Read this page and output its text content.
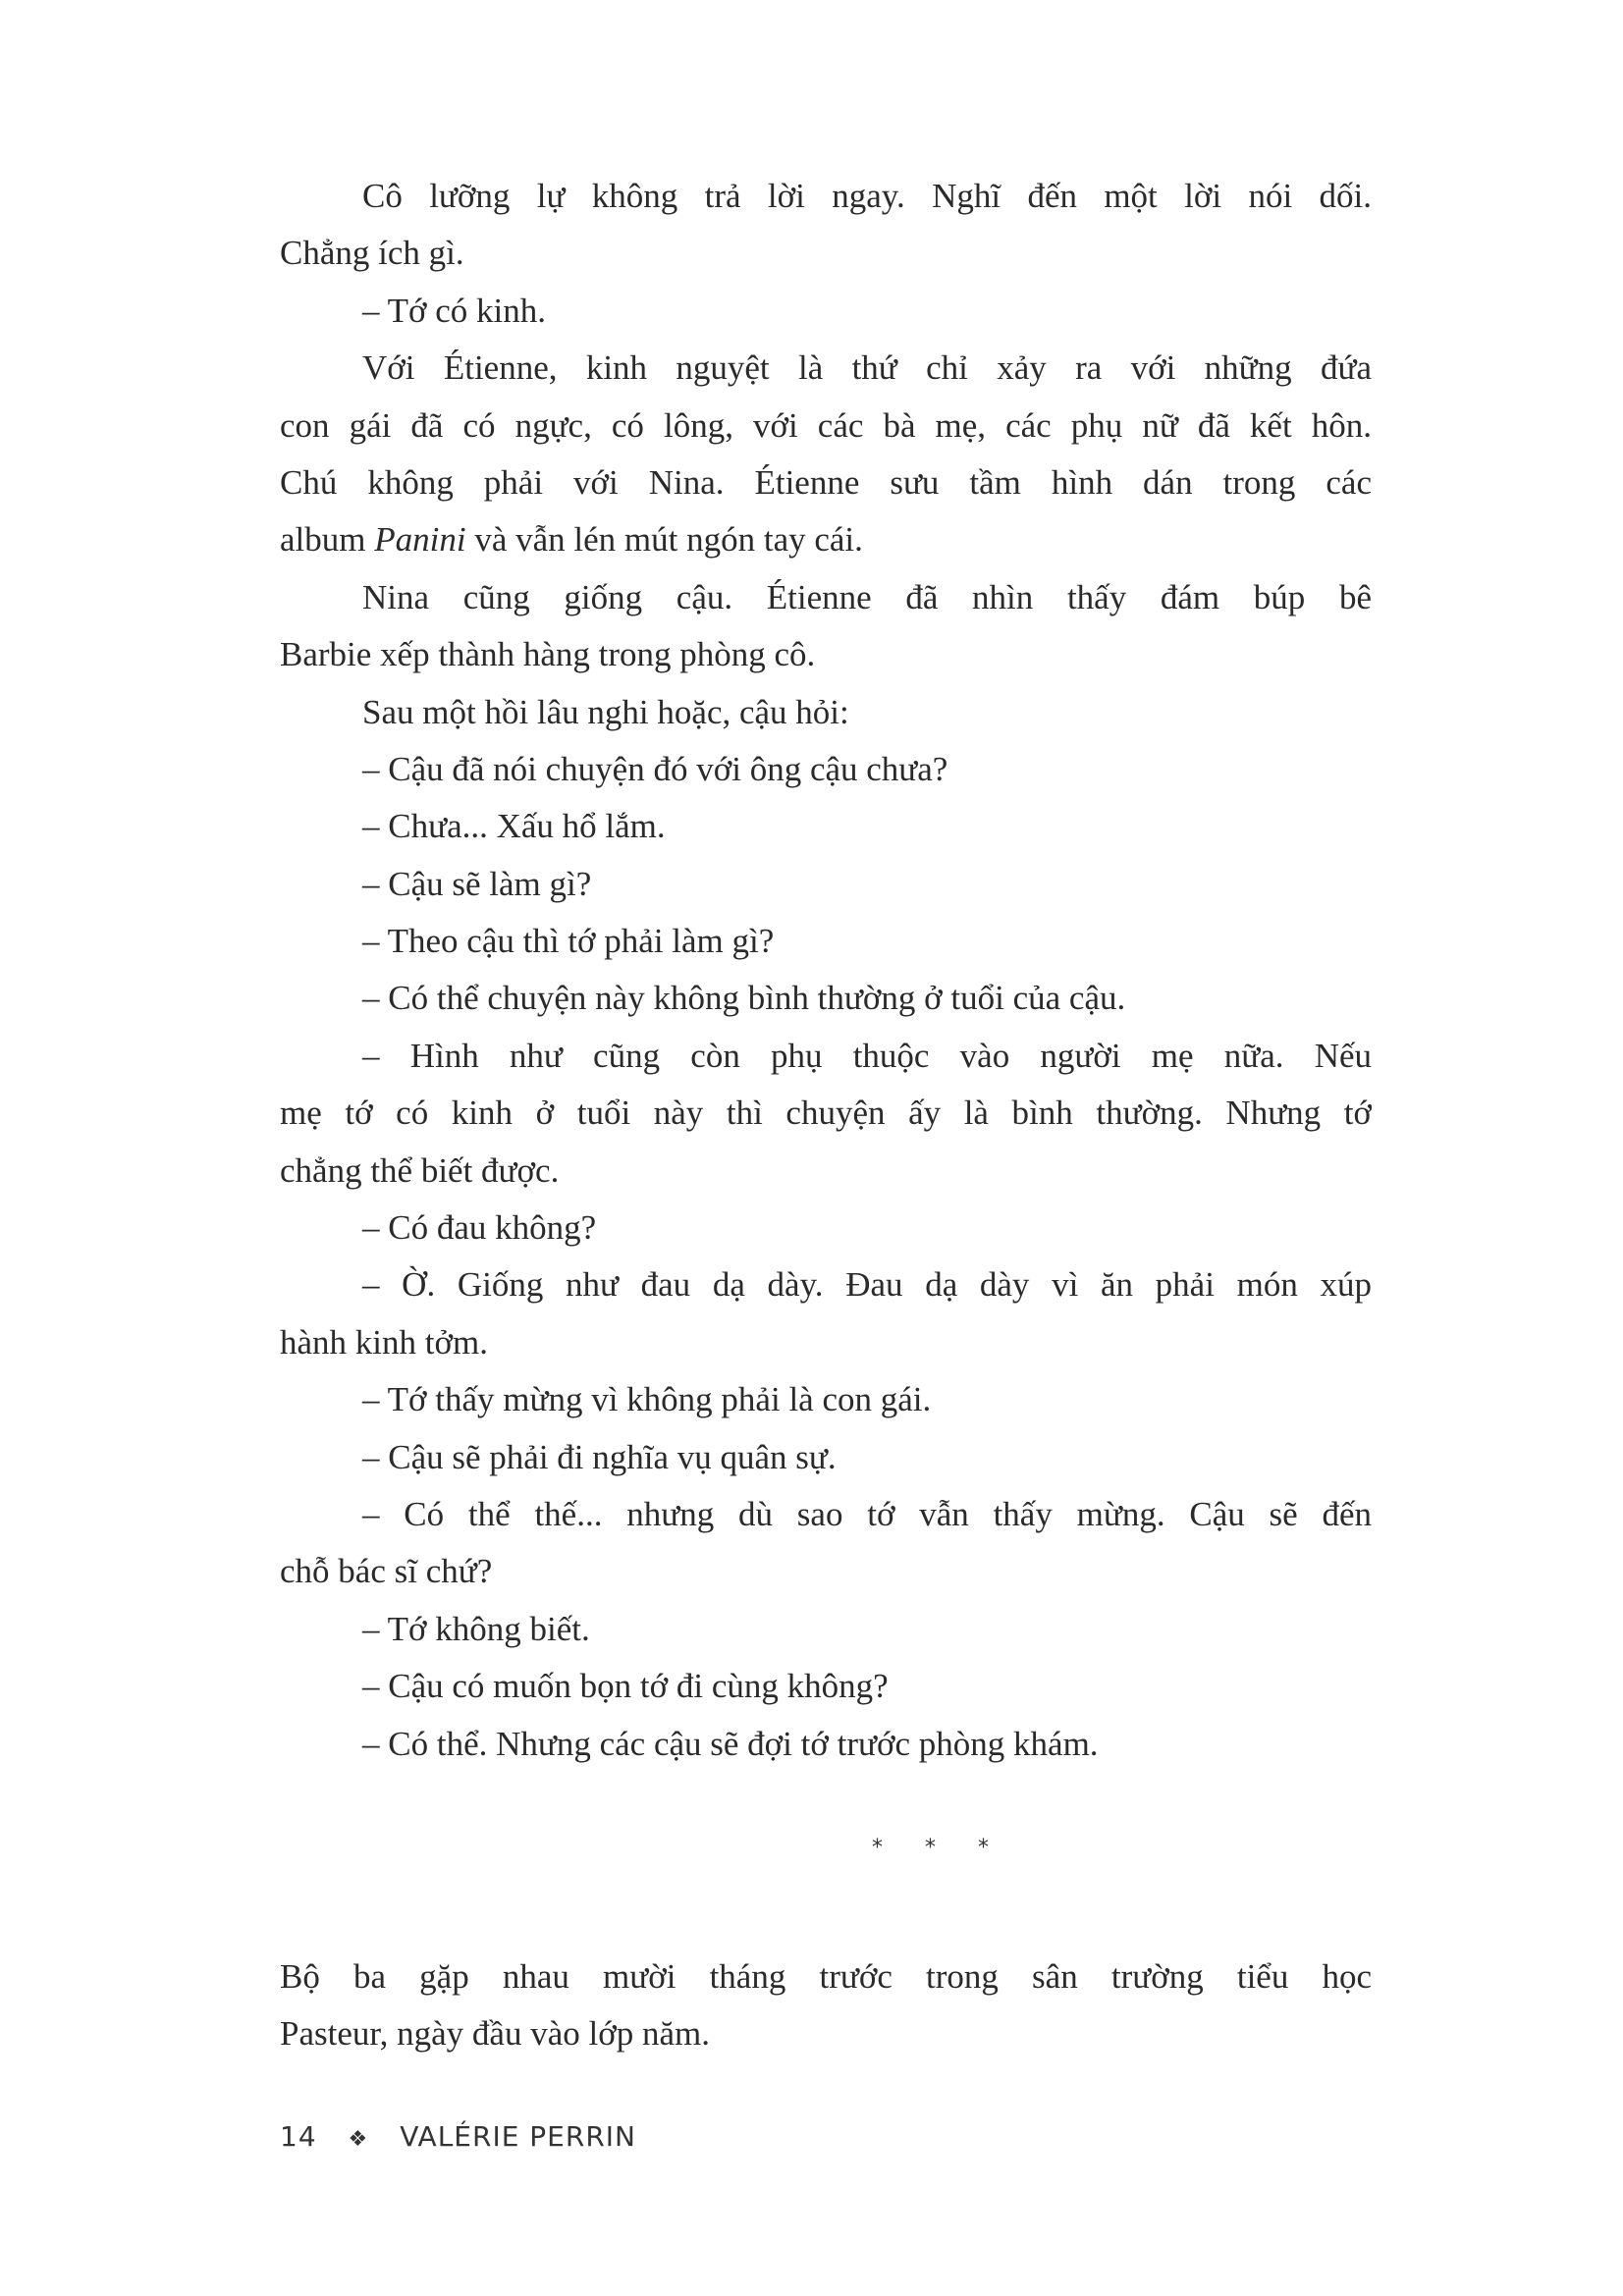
Cô lưỡng lự không trả lời ngay. Nghĩ đến một lời nói dối.
Chẳng ích gì.
– Tớ có kinh.
Với Étienne, kinh nguyệt là thứ chỉ xảy ra với những đứa
con gái đã có ngực, có lông, với các bà mẹ, các phụ nữ đã kết hôn.
Chú không phải với Nina. Étienne sưu tầm hình dán trong các
album Panini và vẫn lén mút ngón tay cái.
Nina cũng giống cậu. Étienne đã nhìn thấy đám búp bê
Barbie xếp thành hàng trong phòng cô.
Sau một hồi lâu nghi hoặc, cậu hỏi:
– Cậu đã nói chuyện đó với ông cậu chưa?
– Chưa... Xấu hổ lắm.
– Cậu sẽ làm gì?
– Theo cậu thì tớ phải làm gì?
– Có thể chuyện này không bình thường ở tuổi của cậu.
– Hình như cũng còn phụ thuộc vào người mẹ nữa. Nếu
mẹ tớ có kinh ở tuổi này thì chuyện ấy là bình thường. Nhưng tớ
chẳng thể biết được.
– Có đau không?
– Ờ. Giống như đau dạ dày. Đau dạ dày vì ăn phải món xúp
hành kinh tởm.
– Tớ thấy mừng vì không phải là con gái.
– Cậu sẽ phải đi nghĩa vụ quân sự.
– Có thể thế... nhưng dù sao tớ vẫn thấy mừng. Cậu sẽ đến
chỗ bác sĩ chứ?
– Tớ không biết.
– Cậu có muốn bọn tớ đi cùng không?
– Có thể. Nhưng các cậu sẽ đợi tớ trước phòng khám.
* * *
Bộ ba gặp nhau mười tháng trước trong sân trường tiểu học
Pasteur, ngày đầu vào lớp năm.
14 ❖ VALÉRIE PERRIN
